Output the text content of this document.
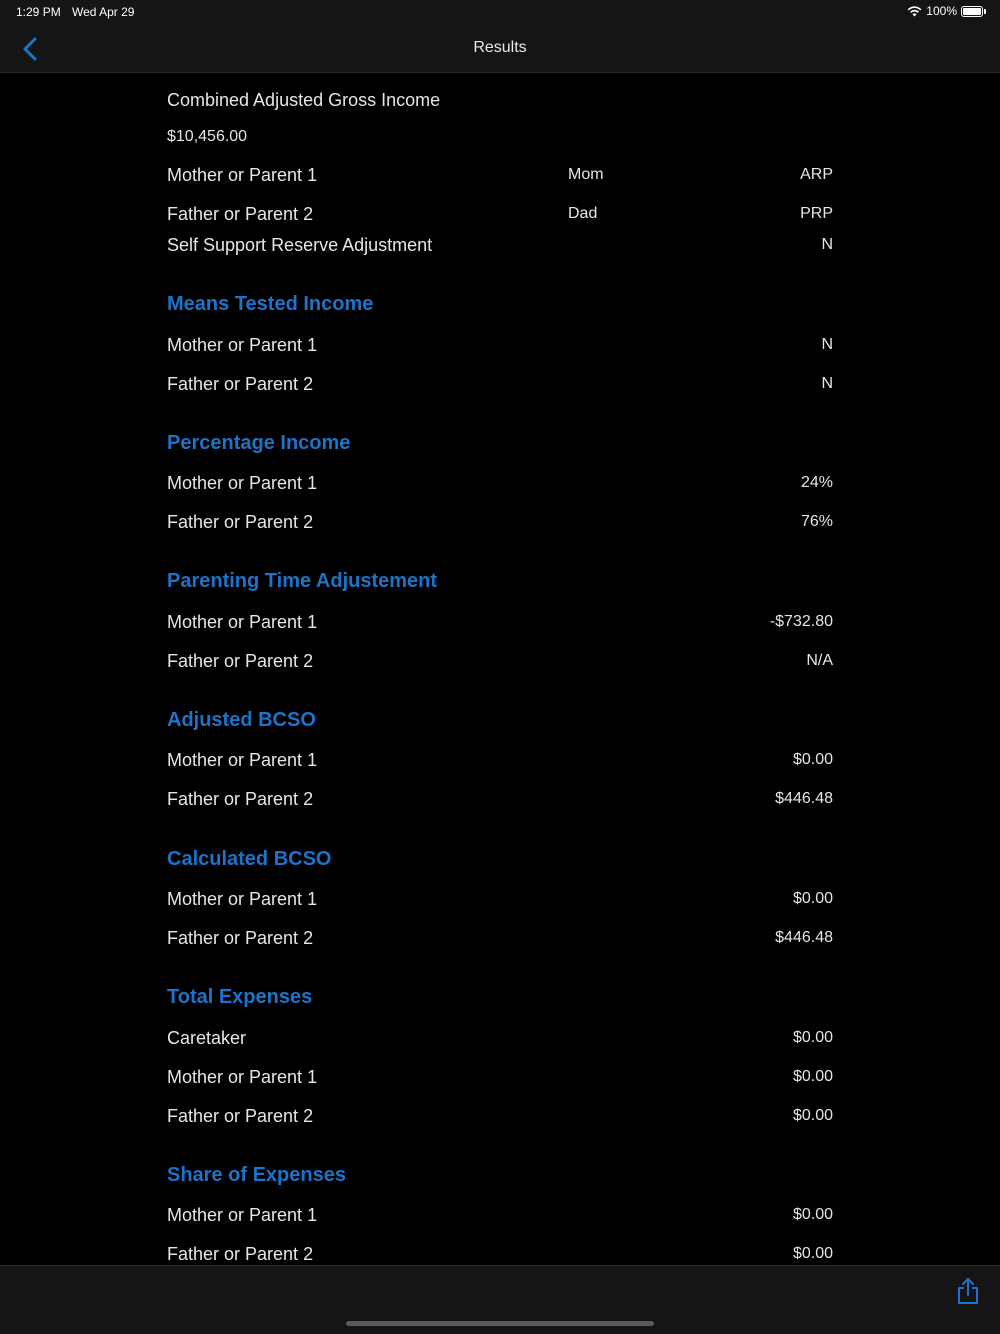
1:29 PM Wed Apr 29	100%
Results
Combined Adjusted Gross Income
$10,456.00
Mother or Parent 1	Mom	ARP
Father or Parent 2	Dad	PRP
Self Support Reserve Adjustment	N
Means Tested Income
Mother or Parent 1	N
Father or Parent 2	N
Percentage Income
Mother or Parent 1	24%
Father or Parent 2	76%
Parenting Time Adjustement
Mother or Parent 1	-$732.80
Father or Parent 2	N/A
Adjusted BCSO
Mother or Parent 1	$0.00
Father or Parent 2	$446.48
Calculated BCSO
Mother or Parent 1	$0.00
Father or Parent 2	$446.48
Total Expenses
Caretaker	$0.00
Mother or Parent 1	$0.00
Father or Parent 2	$0.00
Share of Expenses
Mother or Parent 1	$0.00
Father or Parent 2	$0.00
